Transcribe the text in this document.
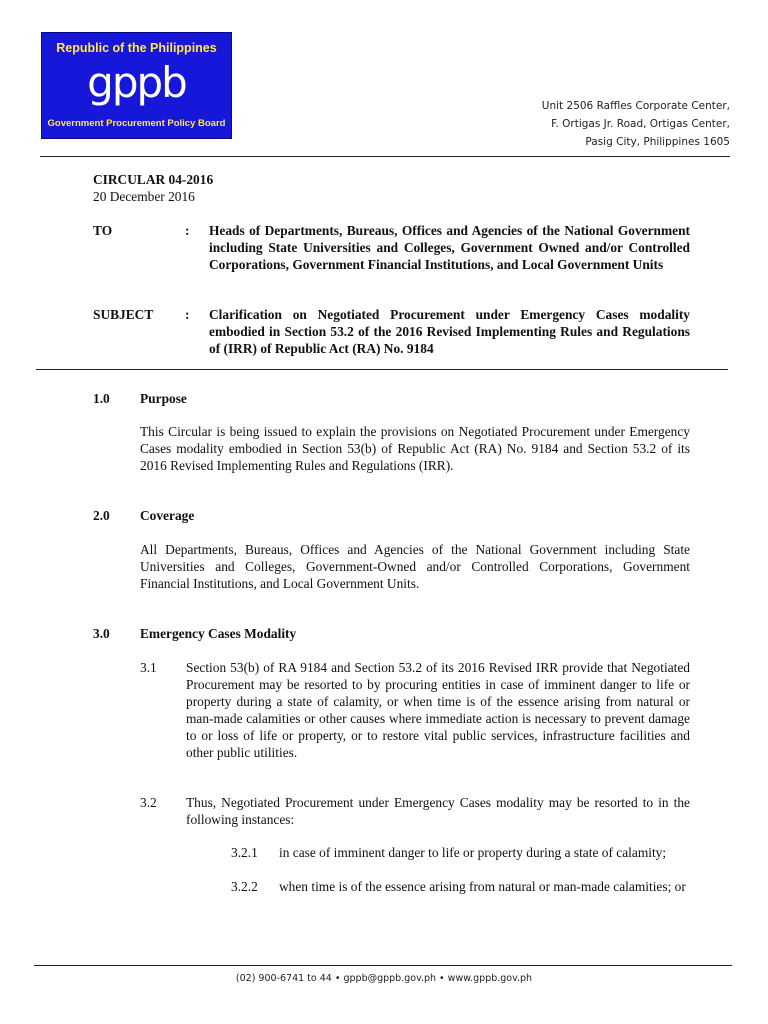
Republic of the Philippines
gppb
Government Procurement Policy Board
Unit 2506 Raffles Corporate Center,
F. Ortigas Jr. Road, Ortigas Center,
Pasig City, Philippines 1605
CIRCULAR 04-2016
20 December 2016
TO	: Heads of Departments, Bureaus, Offices and Agencies of the National Government including State Universities and Colleges, Government Owned and/or Controlled Corporations, Government Financial Institutions, and Local Government Units
SUBJECT : Clarification on Negotiated Procurement under Emergency Cases modality embodied in Section 53.2 of the 2016 Revised Implementing Rules and Regulations of (IRR) of Republic Act (RA) No. 9184
1.0 Purpose
This Circular is being issued to explain the provisions on Negotiated Procurement under Emergency Cases modality embodied in Section 53(b) of Republic Act (RA) No. 9184 and Section 53.2 of its 2016 Revised Implementing Rules and Regulations (IRR).
2.0 Coverage
All Departments, Bureaus, Offices and Agencies of the National Government including State Universities and Colleges, Government-Owned and/or Controlled Corporations, Government Financial Institutions, and Local Government Units.
3.0 Emergency Cases Modality
3.1 Section 53(b) of RA 9184 and Section 53.2 of its 2016 Revised IRR provide that Negotiated Procurement may be resorted to by procuring entities in case of imminent danger to life or property during a state of calamity, or when time is of the essence arising from natural or man-made calamities or other causes where immediate action is necessary to prevent damage to or loss of life or property, or to restore vital public services, infrastructure facilities and other public utilities.
3.2 Thus, Negotiated Procurement under Emergency Cases modality may be resorted to in the following instances:
3.2.1 in case of imminent danger to life or property during a state of calamity;
3.2.2 when time is of the essence arising from natural or man-made calamities; or
(02) 900-6741 to 44 • gppb@gppb.gov.ph • www.gppb.gov.ph
